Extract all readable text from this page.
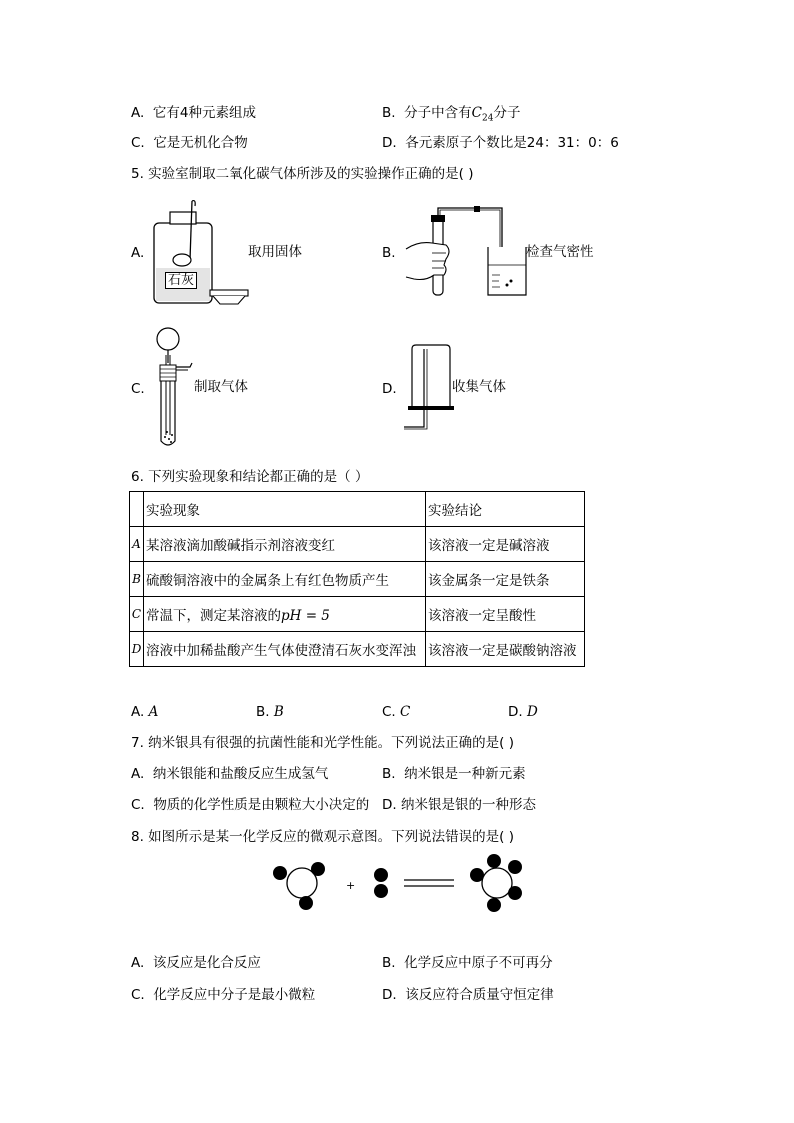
A. 它有4种元素组成	B. 分子中含有$C_{24}$分子
C. 它是无机化合物	D. 各元素原子个数比是24：31：0：6
5. 实验室制取二氧化碳气体所涉及的实验操作正确的是( )
A.
石灰
取用固体	B.	检查气密性
C.	制取气体	D.	收集气体
6. 下列实验现象和结论都正确的是（ ）
	实验现象	实验结论
A	某溶液滴加酸碱指示剂溶液变红	该溶液一定是碱溶液
B	硫酸铜溶液中的金属条上有红色物质产生	该金属条一定是铁条
C	常温下，测定某溶液的pH = 5	该溶液一定呈酸性
D	溶液中加稀盐酸产生气体使澄清石灰水变浑浊	该溶液一定是碳酸钠溶液
A. A	B. B	C. C	D. D
7. 纳米银具有很强的抗菌性能和光学性能。下列说法正确的是( )
A. 纳米银能和盐酸反应生成氢气	B. 纳米银是一种新元素
C. 物质的化学性质是由颗粒大小决定的 D. 纳米银是银的一种形态
8. 如图所示是某一化学反应的微观示意图。下列说法错误的是( )
+
A. 该反应是化合反应	B. 化学反应中原子不可再分
C. 化学反应中分子是最小微粒	D. 该反应符合质量守恒定律
